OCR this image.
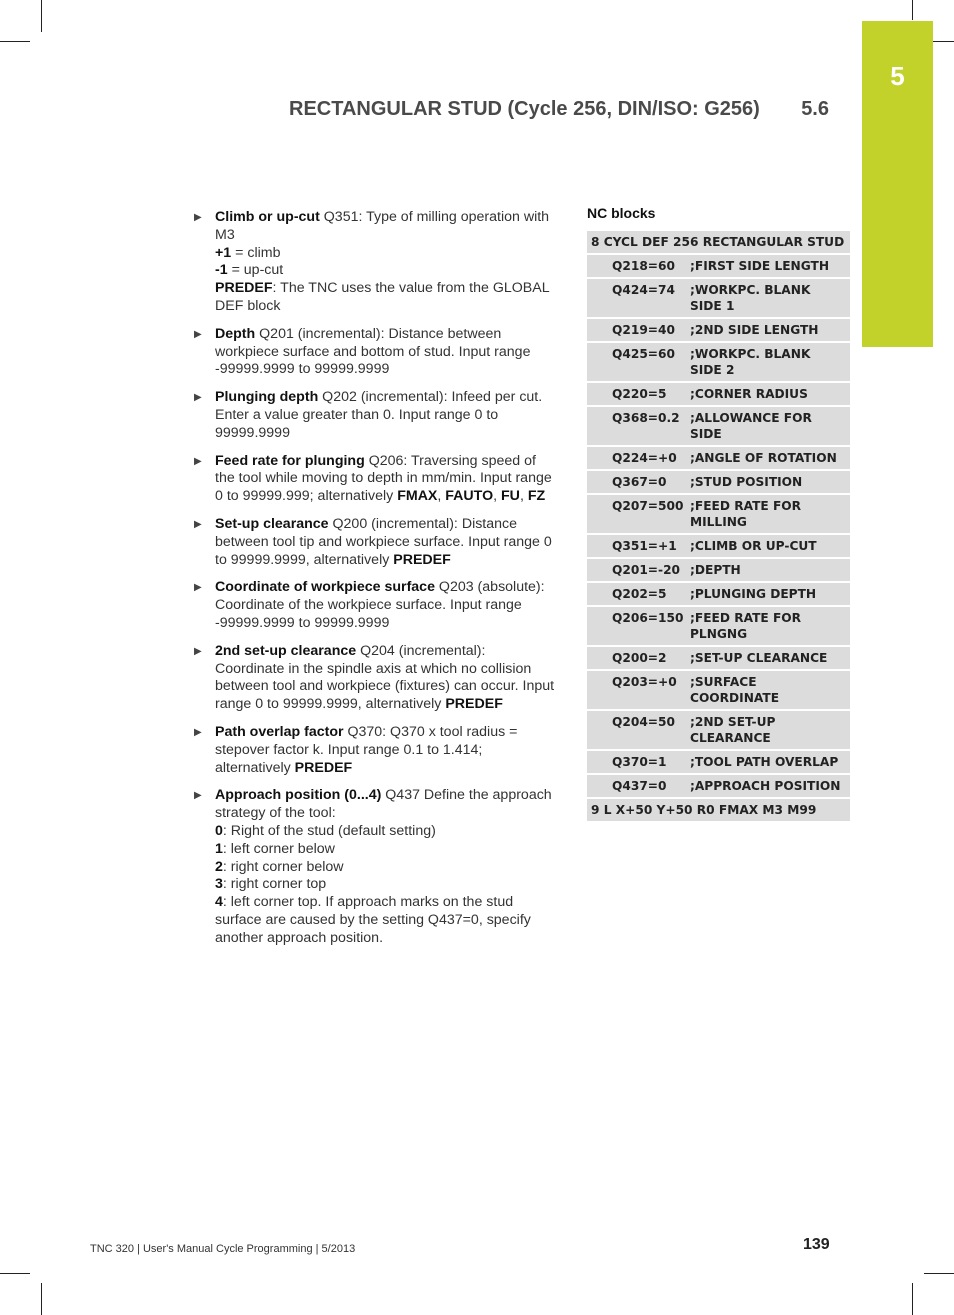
5
RECTANGULAR STUD (Cycle 256, DIN/ISO: G256) 5.6
▶ Climb or up-cut Q351: Type of milling operation with M3
+1 = climb
-1 = up-cut
PREDEF: The TNC uses the value from the GLOBAL DEF block
▶ Depth Q201 (incremental): Distance between workpiece surface and bottom of stud. Input range -99999.9999 to 99999.9999
▶ Plunging depth Q202 (incremental): Infeed per cut. Enter a value greater than 0. Input range 0 to 99999.9999
▶ Feed rate for plunging Q206: Traversing speed of the tool while moving to depth in mm/min. Input range 0 to 99999.999; alternatively FMAX, FAUTO, FU, FZ
▶ Set-up clearance Q200 (incremental): Distance between tool tip and workpiece surface. Input range 0 to 99999.9999, alternatively PREDEF
▶ Coordinate of workpiece surface Q203 (absolute): Coordinate of the workpiece surface. Input range -99999.9999 to 99999.9999
▶ 2nd set-up clearance Q204 (incremental): Coordinate in the spindle axis at which no collision between tool and workpiece (fixtures) can occur. Input range 0 to 99999.9999, alternatively PREDEF
▶ Path overlap factor Q370: Q370 x tool radius = stepover factor k. Input range 0.1 to 1.414; alternatively PREDEF
▶ Approach position (0...4) Q437 Define the approach strategy of the tool:
0: Right of the stud (default setting)
1: left corner below
2: right corner below
3: right corner top
4: left corner top. If approach marks on the stud surface are caused by the setting Q437=0, specify another approach position.
NC blocks
8 CYCL DEF 256 RECTANGULAR STUD	
Q218=60	;FIRST SIDE LENGTH
Q424=74	;WORKPC. BLANK SIDE 1
Q219=40	;2ND SIDE LENGTH
Q425=60	;WORKPC. BLANK SIDE 2
Q220=5	;CORNER RADIUS
Q368=0.2	;ALLOWANCE FOR SIDE
Q224=+0	;ANGLE OF ROTATION
Q367=0	;STUD POSITION
Q207=500	;FEED RATE FOR MILLING
Q351=+1	;CLIMB OR UP-CUT
Q201=-20	;DEPTH
Q202=5	;PLUNGING DEPTH
Q206=150	;FEED RATE FOR PLNGNG
Q200=2	;SET-UP CLEARANCE
Q203=+0	;SURFACE COORDINATE
Q204=50	;2ND SET-UP CLEARANCE
Q370=1	;TOOL PATH OVERLAP
Q437=0	;APPROACH POSITION
9 L X+50 Y+50 R0 FMAX M3 M99	
TNC 320 | User's Manual Cycle Programming | 5/2013	139
